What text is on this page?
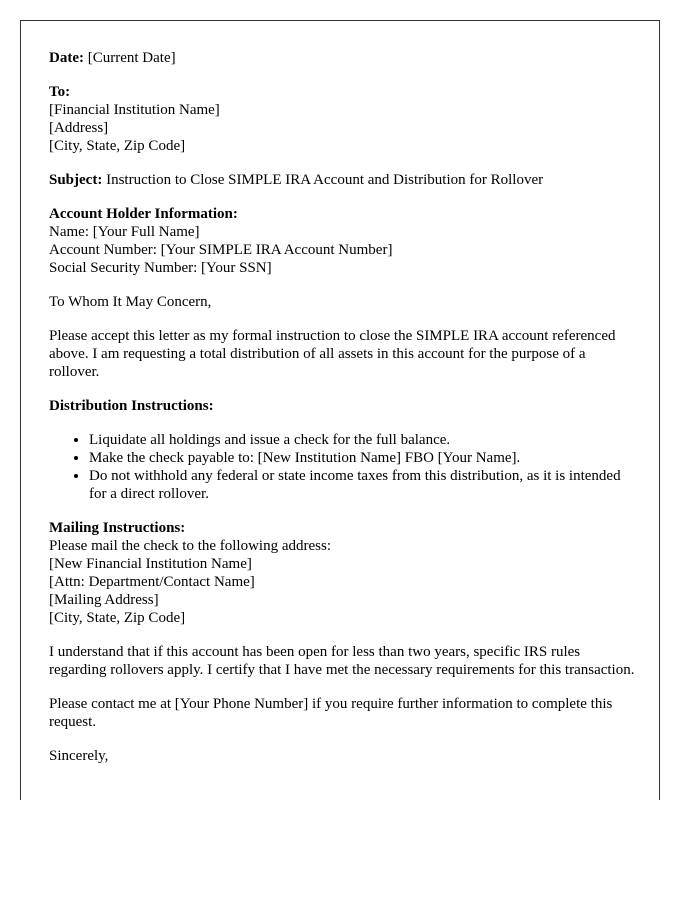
Date: [Current Date]
To:
[Financial Institution Name]
[Address]
[City, State, Zip Code]
Subject: Instruction to Close SIMPLE IRA Account and Distribution for Rollover
Account Holder Information:
Name: [Your Full Name]
Account Number: [Your SIMPLE IRA Account Number]
Social Security Number: [Your SSN]

To Whom It May Concern,

Please accept this letter as my formal instruction to close the SIMPLE IRA account referenced above. I am requesting a total distribution of all assets in this account for the purpose of a rollover.

Distribution Instructions:
• Liquidate all holdings and issue a check for the full balance.
• Make the check payable to: [New Institution Name] FBO [Your Name].
• Do not withhold any federal or state income taxes from this distribution, as it is intended for a direct rollover.
Mailing Instructions:
Please mail the check to the following address:
[New Financial Institution Name]
[Attn: Department/Contact Name]
[Mailing Address]
[City, State, Zip Code]

I understand that if this account has been open for less than two years, specific IRS rules regarding rollovers apply. I certify that I have met the necessary requirements for this transaction.

Please contact me at [Your Phone Number] if you require further information to complete this request.

Sincerely,
